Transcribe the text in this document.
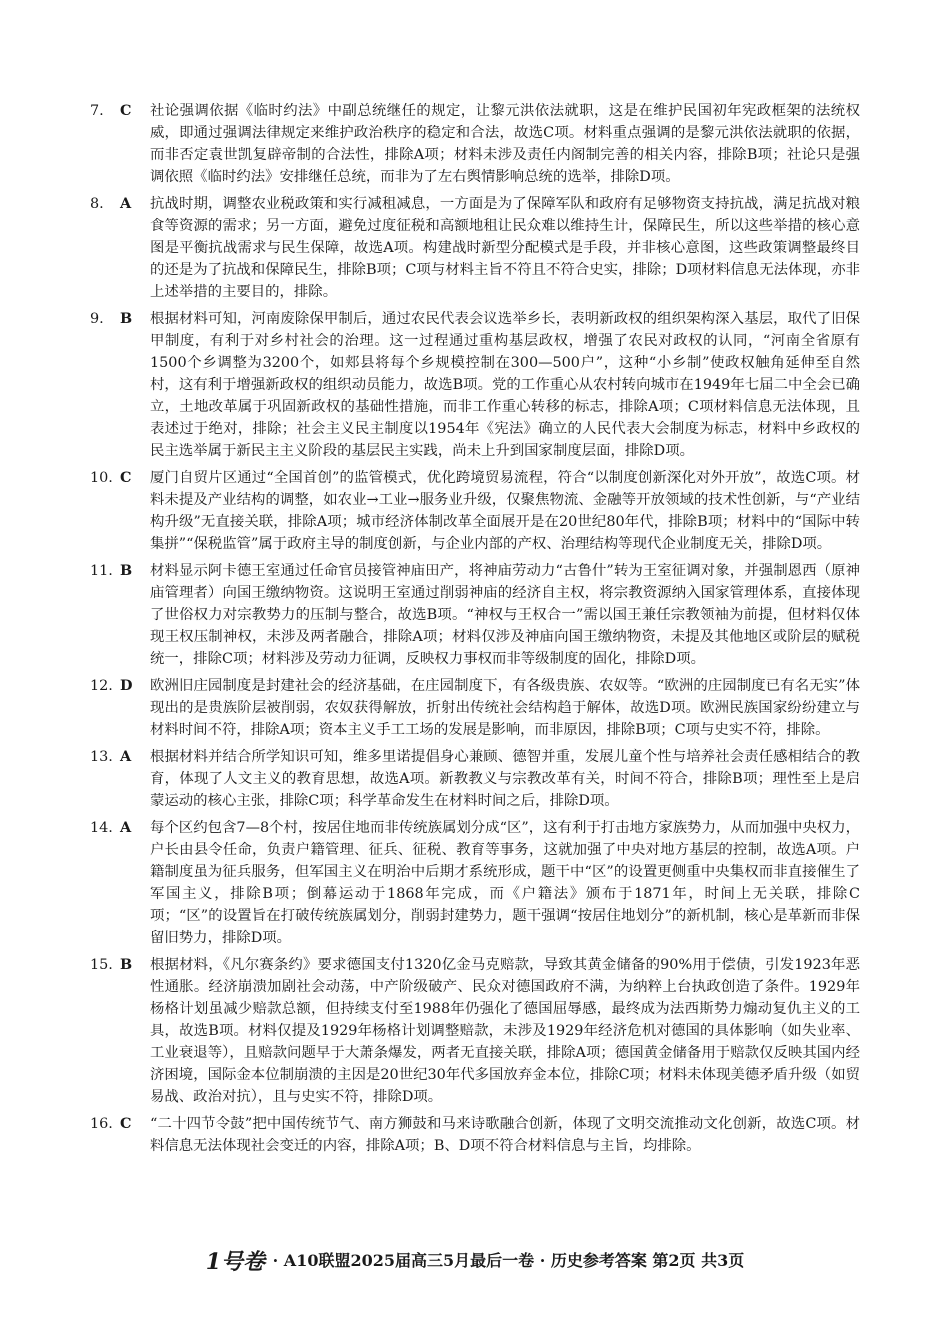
7. C 社论强调依据《临时约法》中副总统继任的规定，让黎元洪依法就职，这是在维护民国初年宪政框架的法统权威，即通过强调法律规定来维护政治秩序的稳定和合法，故选C项。材料重点强调的是黎元洪依法就职的依据，而非否定袁世凯复辟帝制的合法性，排除A项；材料未涉及责任内阁制完善的相关内容，排除B项；社论只是强调依照《临时约法》安排继任总统，而非为了左右舆情影响总统的选举，排除D项。

8. A 抗战时期，调整农业税政策和实行减租减息，一方面是为了保障军队和政府有足够物资支持抗战，满足抗战对粮食等资源的需求；另一方面，避免过度征税和高额地租让民众难以维持生计，保障民生，所以这些举措的核心意图是平衡抗战需求与民生保障，故选A项。构建战时新型分配模式是手段，并非核心意图，这些政策调整最终目的还是为了抗战和保障民生，排除B项；C项与材料主旨不符且不符合史实，排除；D项材料信息无法体现，亦非上述举措的主要目的，排除。

9. B 根据材料可知，河南废除保甲制后，通过农民代表会议选举乡长，表明新政权的组织架构深入基层，取代了旧保甲制度，有利于对乡村社会的治理。这一过程通过重构基层政权，增强了农民对政权的认同，“河南全省原有1500个乡调整为3200个，如郏县将每个乡规模控制在300—500户”，这种“小乡制”使政权触角延伸至自然村，这有利于增强新政权的组织动员能力，故选B项。党的工作重心从农村转向城市在1949年七届二中全会已确立，土地改革属于巩固新政权的基础性措施，而非工作重心转移的标志，排除A项；C项材料信息无法体现，且表述过于绝对，排除；社会主义民主制度以1954年《宪法》确立的人民代表大会制度为标志，材料中乡政权的民主选举属于新民主主义阶段的基层民主实践，尚未上升到国家制度层面，排除D项。

10. C 厦门自贸片区通过“全国首创”的监管模式，优化跨境贸易流程，符合“以制度创新深化对外开放”，故选C项。材料未提及产业结构的调整，如农业→工业→服务业升级，仅聚焦物流、金融等开放领域的技术性创新，与“产业结构升级”无直接关联，排除A项；城市经济体制改革全面展开是在20世纪80年代，排除B项；材料中的“国际中转集拼”“保税监管”属于政府主导的制度创新，与企业内部的产权、治理结构等现代企业制度无关，排除D项。

11. B 材料显示阿卡德王室通过任命官员接管神庙田产，将神庙劳动力“古鲁什”转为王室征调对象，并强制恩西（原神庙管理者）向国王缴纳物资。这说明王室通过削弱神庙的经济自主权，将宗教资源纳入国家管理体系，直接体现了世俗权力对宗教势力的压制与整合，故选B项。“神权与王权合一”需以国王兼任宗教领袖为前提，但材料仅体现王权压制神权，未涉及两者融合，排除A项；材料仅涉及神庙向国王缴纳物资，未提及其他地区或阶层的赋税统一，排除C项；材料涉及劳动力征调，反映权力事权而非等级制度的固化，排除D项。

12. D 欧洲旧庄园制度是封建社会的经济基础，在庄园制度下，有各级贵族、农奴等。“欧洲的庄园制度已有名无实”体现出的是贵族阶层被削弱，农奴获得解放，折射出传统社会结构趋于解体，故选D项。欧洲民族国家纷纷建立与材料时间不符，排除A项；资本主义手工工场的发展是影响，而非原因，排除B项；C项与史实不符，排除。

13. A 根据材料并结合所学知识可知，维多里诺提倡身心兼顾、德智并重，发展儿童个性与培养社会责任感相结合的教育，体现了人文主义的教育思想，故选A项。新教教义与宗教改革有关，时间不符合，排除B项；理性至上是启蒙运动的核心主张，排除C项；科学革命发生在材料时间之后，排除D项。

14. A 每个区约包含7—8个村，按居住地而非传统族属划分成“区”，这有利于打击地方家族势力，从而加强中央权力，户长由县令任命，负责户籍管理、征兵、征税、教育等事务，这就加强了中央对地方基层的控制，故选A项。户籍制度虽为征兵服务，但军国主义在明治中后期才系统形成，题干中“区”的设置更侧重中央集权而非直接催生了军国主义，排除B项；倒幕运动于1868年完成，而《户籍法》颁布于1871年，时间上无关联，排除C项；“区”的设置旨在打破传统族属划分，削弱封建势力，题干强调“按居住地划分”的新机制，核心是革新而非保留旧势力，排除D项。

15. B 根据材料，《凡尔赛条约》要求德国支付1320亿金马克赔款，导致其黄金储备的90%用于偿债，引发1923年恶性通胀。经济崩溃加剧社会动荡，中产阶级破产、民众对德国政府不满，为纳粹上台执政创造了条件。1929年杨格计划虽减少赔款总额，但持续支付至1988年仍强化了德国屈辱感，最终成为法西斯势力煽动复仇主义的工具，故选B项。材料仅提及1929年杨格计划调整赔款，未涉及1929年经济危机对德国的具体影响（如失业率、工业衰退等），且赔款问题早于大萧条爆发，两者无直接关联，排除A项；德国黄金储备用于赔款仅反映其国内经济困境，国际金本位制崩溃的主因是20世纪30年代多国放弃金本位，排除C项；材料未体现美德矛盾升级（如贸易战、政治对抗），且与史实不符，排除D项。

16. C “二十四节令鼓”把中国传统节气、南方狮鼓和马来诗歌融合创新，体现了文明交流推动文化创新，故选C项。材料信息无法体现社会变迁的内容，排除A项；B、D项不符合材料信息与主旨，均排除。

1号卷 · A10联盟2025届高三5月最后一卷 · 历史参考答案 第2页 共3页
